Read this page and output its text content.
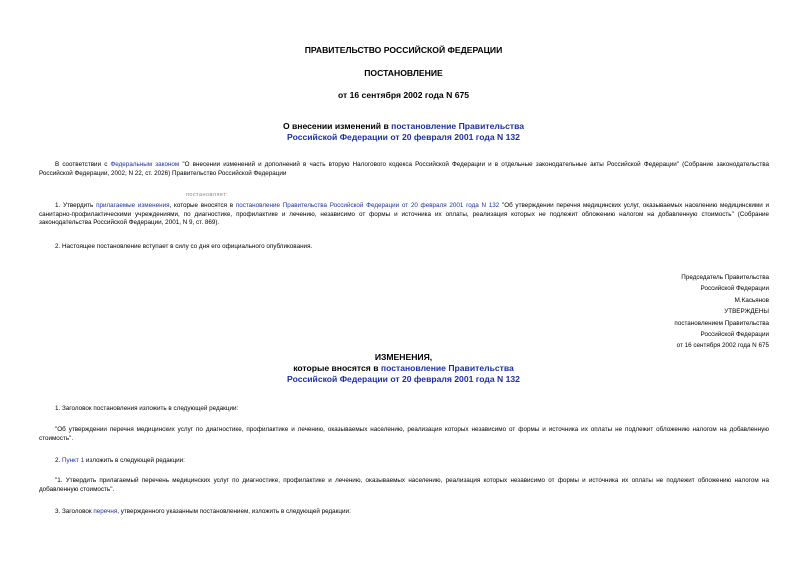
ПРАВИТЕЛЬСТВО РОССИЙСКОЙ ФЕДЕРАЦИИ
ПОСТАНОВЛЕНИЕ
от 16 сентября 2002 года N 675
О внесении изменений в постановление Правительства
Российской Федерации от 20 февраля 2001 года N 132
В соответствии с Федеральным законом "О внесении изменений и дополнений в часть вторую Налогового кодекса Российской Федерации и в отдельные законодательные акты Российской Федерации" (Собрание законодательства Российской Федерации, 2002, N 22, ст. 2026) Правительство Российской Федерации
постановляет:
1. Утвердить прилагаемые изменения, которые вносятся в постановление Правительства Российской Федерации от 20 февраля 2001 года N 132 "Об утверждении перечня медицинских услуг, оказываемых населению медицинскими и санитарно-профилактическими учреждениями, по диагностике, профилактике и лечению, независимо от формы и источника их оплаты, реализация которых не подлежит обложению налогом на добавленную стоимость" (Собрание законодательства Российской Федерации, 2001, N 9, ст. 869).
2. Настоящее постановление вступает в силу со дня его официального опубликования.
Председатель Правительства
Российской Федерации
М.Касьянов
УТВЕРЖДЕНЫ
постановлением Правительства
Российской Федерации
от 16 сентября 2002 года N 675
ИЗМЕНЕНИЯ,
которые вносятся в постановление Правительства
Российской Федерации от 20 февраля 2001 года N 132
1. Заголовок постановления изложить в следующей редакции:
"Об утверждении перечня медицинских услуг по диагностике, профилактике и лечению, оказываемых населению, реализация которых независимо от формы и источника их оплаты не подлежит обложению налогом на добавленную стоимость".
2. Пункт 1 изложить в следующей редакции:
"1. Утвердить прилагаемый перечень медицинских услуг по диагностике, профилактике и лечению, оказываемых населению, реализация которых независимо от формы и источника их оплаты не подлежит обложению налогом на добавленную стоимость".
3. Заголовок перечня, утвержденного указанным постановлением, изложить в следующей редакции:
